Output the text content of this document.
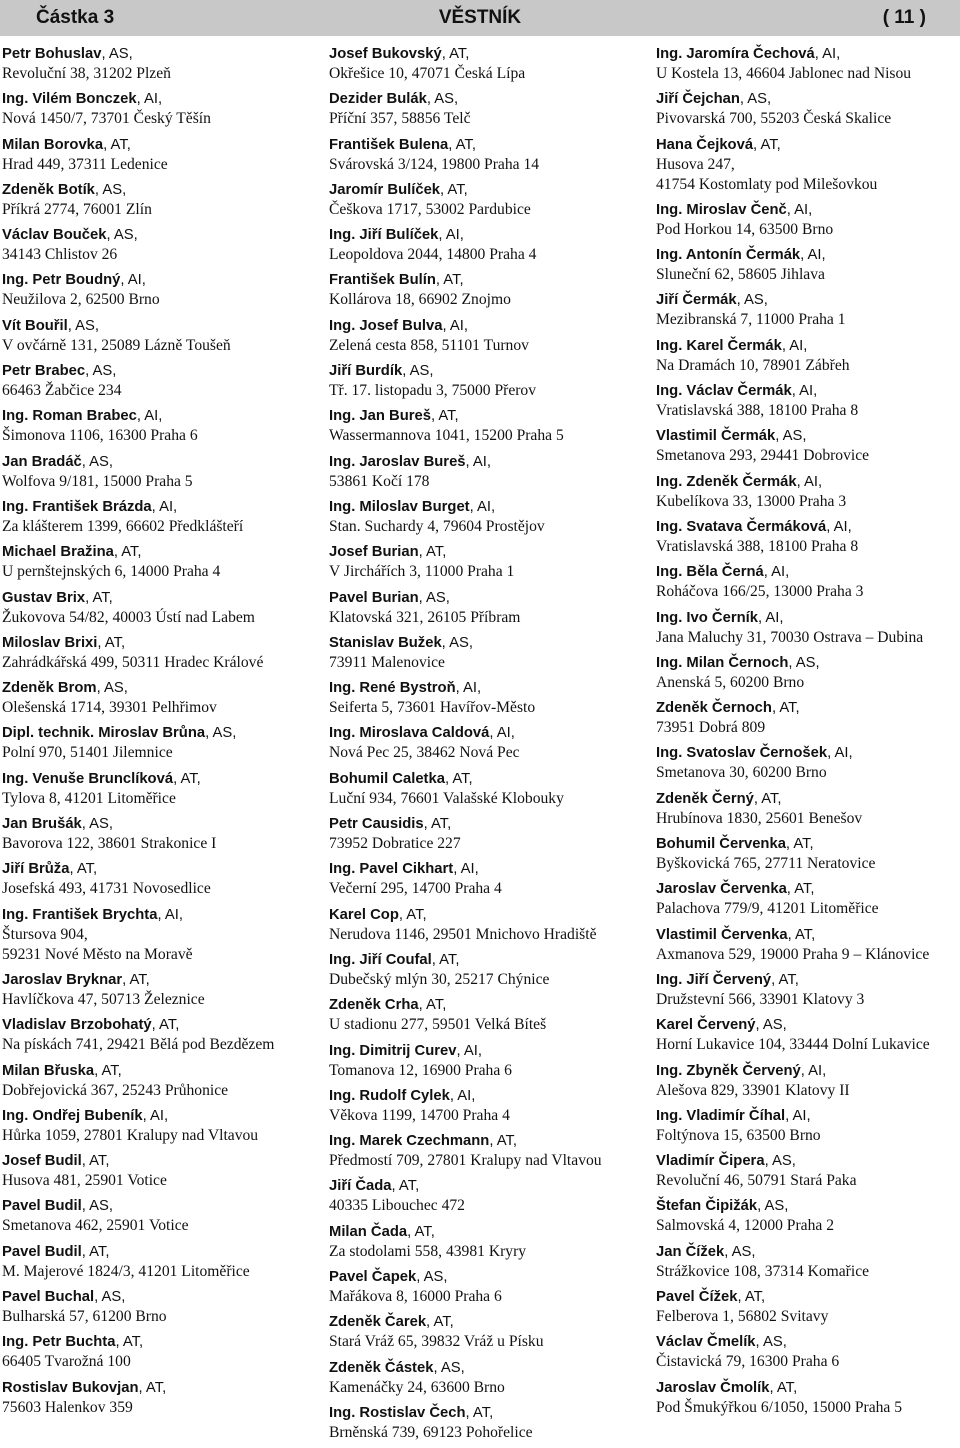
Částka 3	VĚSTNÍK	( 11 )
Petr Bohuslav, AS,
Revoluční 38, 31202 Plzeň
Ing. Vilém Bonczek, AI,
Nová 1450/7, 73701 Český Těšín
Milan Borovka, AT,
Hrad 449, 37311 Ledenice
Zdeněk Botík, AS,
Příkrá 2774, 76001 Zlín
Václav Bouček, AS,
34143 Chlistov 26
Ing. Petr Boudný, AI,
Neužilova 2, 62500 Brno
Vít Bouřil, AS,
V ovčárně 131, 25089 Lázně Toušeň
Petr Brabec, AS,
66463 Žabčice 234
Ing. Roman Brabec, AI,
Šimonova 1106, 16300 Praha 6
Jan Bradáč, AS,
Wolfova 9/181, 15000 Praha 5
Ing. František Brázda, AI,
Za klášterem 1399, 66602 Předklášteří
Michael Bražina, AT,
U pernštejnských 6, 14000 Praha 4
Gustav Brix, AT,
Žukovova 54/82, 40003 Ústí nad Labem
Miloslav Brixi, AT,
Zahrádkářská 499, 50311 Hradec Králové
Zdeněk Brom, AS,
Olešenská 1714, 39301 Pelhřimov
Dipl. technik. Miroslav Brůna, AS,
Polní 970, 51401 Jilemnice
Ing. Venuše Brunclíková, AT,
Tylova 8, 41201 Litoměřice
Jan Brušák, AS,
Bavorova 122, 38601 Strakonice I
Jiří Brůža, AT,
Josefská 493, 41731 Novosedlice
Ing. František Brychta, AI,
Štursova 904,
59231 Nové Město na Moravě
Jaroslav Bryknar, AT,
Havlíčkova 47, 50713 Železnice
Vladislav Brzobohatý, AT,
Na pískách 741, 29421 Bělá pod Bezdězem
Milan Břuska, AT,
Dobřejovická 367, 25243 Průhonice
Ing. Ondřej Bubeník, AI,
Hůrka 1059, 27801 Kralupy nad Vltavou
Josef Budil, AT,
Husova 481, 25901 Votice
Pavel Budil, AS,
Smetanova 462, 25901 Votice
Pavel Budil, AT,
M. Majerové 1824/3, 41201 Litoměřice
Pavel Buchal, AS,
Bulharská 57, 61200 Brno
Ing. Petr Buchta, AT,
66405 Tvarožná 100
Rostislav Bukovjan, AT,
75603 Halenkov 359
Josef Bukovský, AT,
Okřešice 10, 47071 Česká Lípa
Dezider Bulák, AS,
Příční 357, 58856 Telč
František Bulena, AT,
Svárovská 3/124, 19800 Praha 14
Jaromír Bulíček, AT,
Češkova 1717, 53002 Pardubice
Ing. Jiří Bulíček, AI,
Leopoldova 2044, 14800 Praha 4
František Bulín, AT,
Kollárova 18, 66902 Znojmo
Ing. Josef Bulva, AI,
Zelená cesta 858, 51101 Turnov
Jiří Burdík, AS,
Tř. 17. listopadu 3, 75000 Přerov
Ing. Jan Bureš, AT,
Wassermannova 1041, 15200 Praha 5
Ing. Jaroslav Bureš, AI,
53861 Kočí 178
Ing. Miloslav Burget, AI,
Stan. Suchardy 4, 79604 Prostějov
Josef Burian, AT,
V Jirchářích 3, 11000 Praha 1
Pavel Burian, AS,
Klatovská 321, 26105 Příbram
Stanislav Bužek, AS,
73911 Malenovice
Ing. René Bystroň, AI,
Seiferta 5, 73601 Havířov-Město
Ing. Miroslava Caldová, AI,
Nová Pec 25, 38462 Nová Pec
Bohumil Caletka, AT,
Luční 934, 76601 Valašské Klobouky
Petr Causidis, AT,
73952 Dobratice 227
Ing. Pavel Cikhart, AI,
Večerní 295, 14700 Praha 4
Karel Cop, AT,
Nerudova 1146, 29501 Mnichovo Hradiště
Ing. Jiří Coufal, AT,
Dubečský mlýn 30, 25217 Chýnice
Zdeněk Crha, AT,
U stadionu 277, 59501 Velká Bíteš
Ing. Dimitrij Curev, AI,
Tomanova 12, 16900 Praha 6
Ing. Rudolf Cylek, AI,
Věkova 1199, 14700 Praha 4
Ing. Marek Czechmann, AT,
Předmostí 709, 27801 Kralupy nad Vltavou
Jiří Čada, AT,
40335 Libouchec 472
Milan Čada, AT,
Za stodolami 558, 43981 Kryry
Pavel Čapek, AS,
Mařákova 8, 16000 Praha 6
Zdeněk Čarek, AT,
Stará Vráž 65, 39832 Vráž u Písku
Zdeněk Částek, AS,
Kamenáčky 24, 63600 Brno
Ing. Rostislav Čech, AT,
Brněnská 739, 69123 Pohořelice
Ing. Jaromíra Čechová, AI,
U Kostela 13, 46604 Jablonec nad Nisou
Jiří Čejchan, AS,
Pivovarská 700, 55203 Česká Skalice
Hana Čejková, AT,
Husova 247,
41754 Kostomlaty pod Milešovkou
Ing. Miroslav Čenč, AI,
Pod Horkou 14, 63500 Brno
Ing. Antonín Čermák, AI,
Sluneční 62, 58605 Jihlava
Jiří Čermák, AS,
Mezibranská 7, 11000 Praha 1
Ing. Karel Čermák, AI,
Na Dramách 10, 78901 Zábřeh
Ing. Václav Čermák, AI,
Vratislavská 388, 18100 Praha 8
Vlastimil Čermák, AS,
Smetanova 293, 29441 Dobrovice
Ing. Zdeněk Čermák, AI,
Kubelíkova 33, 13000 Praha 3
Ing. Svatava Čermáková, AI,
Vratislavská 388, 18100 Praha 8
Ing. Běla Černá, AI,
Roháčova 166/25, 13000 Praha 3
Ing. Ivo Černík, AI,
Jana Maluchy 31, 70030 Ostrava – Dubina
Ing. Milan Černoch, AS,
Anenská 5, 60200 Brno
Zdeněk Černoch, AT,
73951 Dobrá 809
Ing. Svatoslav Černošek, AI,
Smetanova 30, 60200 Brno
Zdeněk Černý, AT,
Hrubínova 1830, 25601 Benešov
Bohumil Červenka, AT,
Byškovická 765, 27711 Neratovice
Jaroslav Červenka, AT,
Palachova 779/9, 41201 Litoměřice
Vlastimil Červenka, AT,
Axmanova 529, 19000 Praha 9 – Klánovice
Ing. Jiří Červený, AT,
Družstevní 566, 33901 Klatovy 3
Karel Červený, AS,
Horní Lukavice 104, 33444 Dolní Lukavice
Ing. Zbyněk Červený, AI,
Alešova 829, 33901 Klatovy II
Ing. Vladimír Číhal, AI,
Foltýnova 15, 63500 Brno
Vladimír Čipera, AS,
Revoluční 46, 50791 Stará Paka
Štefan Čipižák, AS,
Salmovská 4, 12000 Praha 2
Jan Čížek, AS,
Strážkovice 108, 37314 Komařice
Pavel Čížek, AT,
Felberova 1, 56802 Svitavy
Václav Čmelík, AS,
Čistavická 79, 16300 Praha 6
Jaroslav Čmolík, AT,
Pod Šmukýřkou 6/1050, 15000 Praha 5
